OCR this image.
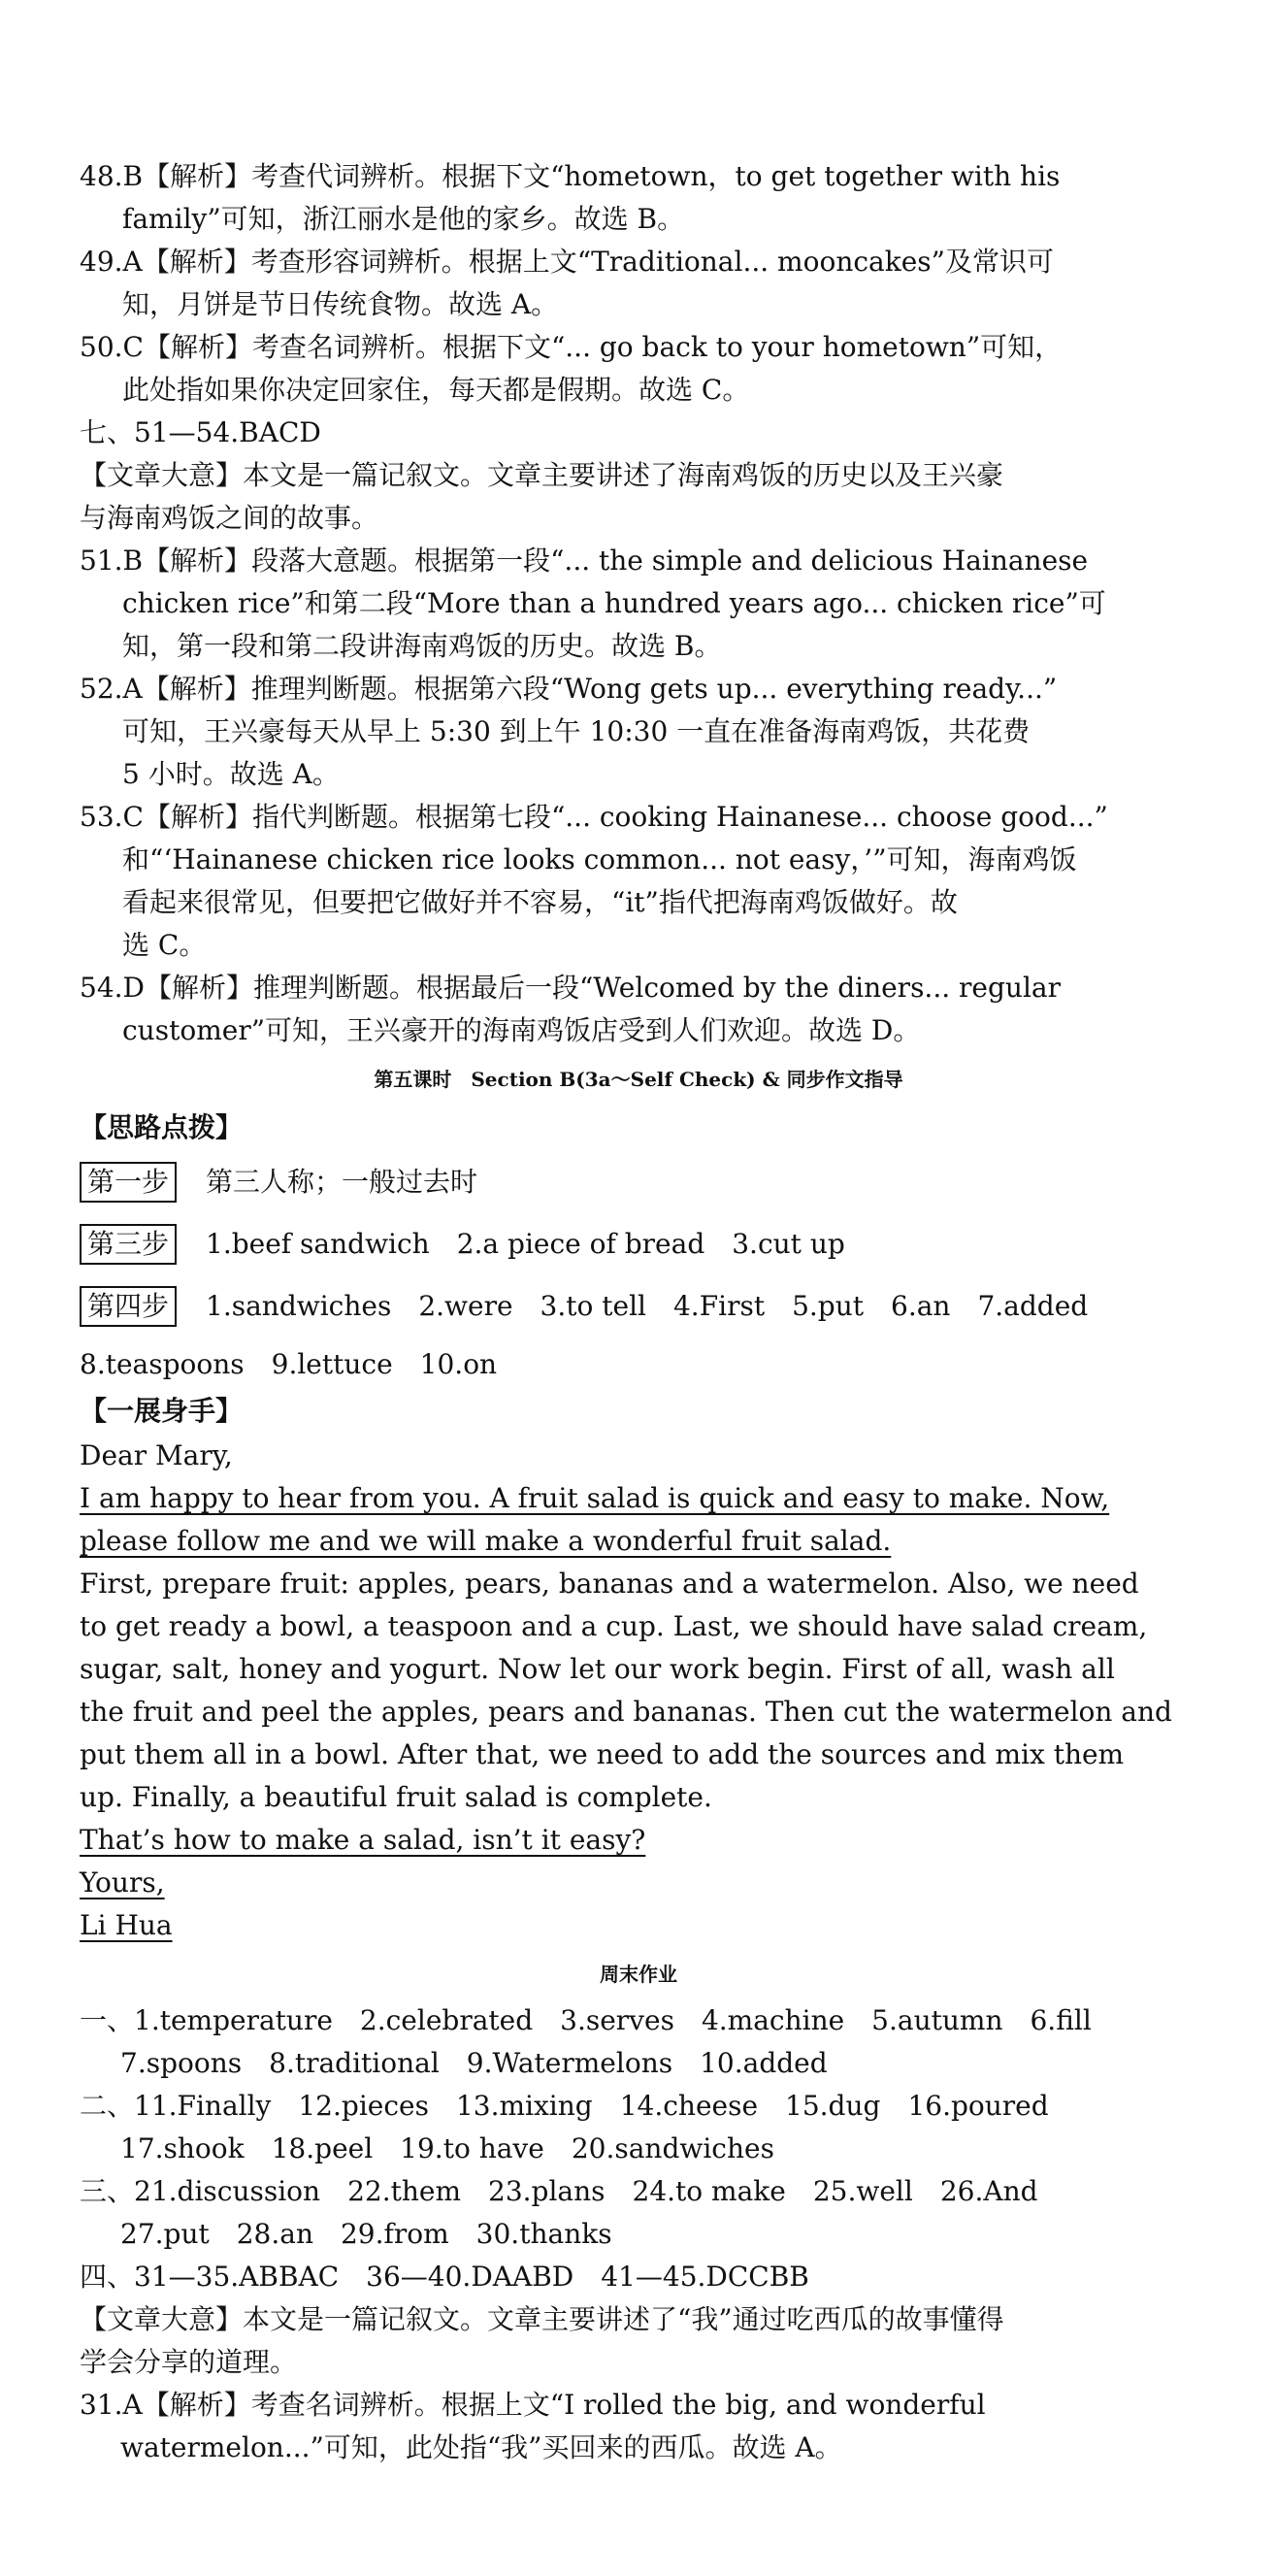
48.B【解析】考查代词辨析。根据下文“hometown，to get together with his
family”可知，浙江丽水是他的家乡。故选 B。
49.A【解析】考查形容词辨析。根据上文“Traditional... mooncakes”及常识可
知，月饼是节日传统食物。故选 A。
50.C【解析】考查名词辨析。根据下文“... go back to your hometown”可知，
此处指如果你决定回家住，每天都是假期。故选 C。
七、51—54.BACD
【文章大意】本文是一篇记叙文。文章主要讲述了海南鸡饭的历史以及王兴豪
与海南鸡饭之间的故事。
51.B【解析】段落大意题。根据第一段“... the simple and delicious Hainanese
chicken rice”和第二段“More than a hundred years ago... chicken rice”可
知，第一段和第二段讲海南鸡饭的历史。故选 B。
52.A【解析】推理判断题。根据第六段“Wong gets up... everything ready...”
可知，王兴豪每天从早上 5:30 到上午 10:30 一直在准备海南鸡饭，共花费
5 小时。故选 A。
53.C【解析】指代判断题。根据第七段“... cooking Hainanese... choose good...”
和“‘Hainanese chicken rice looks common... not easy，’”可知，海南鸡饭
看起来很常见，但要把它做好并不容易，“it”指代把海南鸡饭做好。故
选 C。
54.D【解析】推理判断题。根据最后一段“Welcomed by the diners... regular
customer”可知，王兴豪开的海南鸡饭店受到人们欢迎。故选 D。
第五课时　Section B(3a～Self Check) & 同步作文指导
【思路点拨】
第一步 第三人称；一般过去时
第三步 1.beef sandwich　2.a piece of bread　3.cut up
第四步 1.sandwiches　2.were　3.to tell　4.First　5.put　6.an　7.added
8.teaspoons　9.lettuce　10.on
【一展身手】
Dear Mary,
I am happy to hear from you. A fruit salad is quick and easy to make. Now,
please follow me and we will make a wonderful fruit salad.
First, prepare fruit: apples, pears, bananas and a watermelon. Also, we need
to get ready a bowl, a teaspoon and a cup. Last, we should have salad cream,
sugar, salt, honey and yogurt. Now let our work begin. First of all, wash all
the fruit and peel the apples, pears and bananas. Then cut the watermelon and
put them all in a bowl. After that, we need to add the sources and mix them
up. Finally, a beautiful fruit salad is complete.
That’s how to make a salad, isn’t it easy?
Yours,
Li Hua
周末作业
一、1.temperature　2.celebrated　3.serves　4.machine　5.autumn　6.fill
　7.spoons　8.traditional　9.Watermelons　10.added
二、11.Finally　12.pieces　13.mixing　14.cheese　15.dug　16.poured
　17.shook　18.peel　19.to have　20.sandwiches
三、21.discussion　22.them　23.plans　24.to make　25.well　26.And
　27.put　28.an　29.from　30.thanks
四、31—35.ABBAC　36—40.DAABD　41—45.DCCBB
【文章大意】本文是一篇记叙文。文章主要讲述了“我”通过吃西瓜的故事懂得
学会分享的道理。
31.A【解析】考查名词辨析。根据上文“I rolled the big, and wonderful
　watermelon...”可知，此处指“我”买回来的西瓜。故选 A。
